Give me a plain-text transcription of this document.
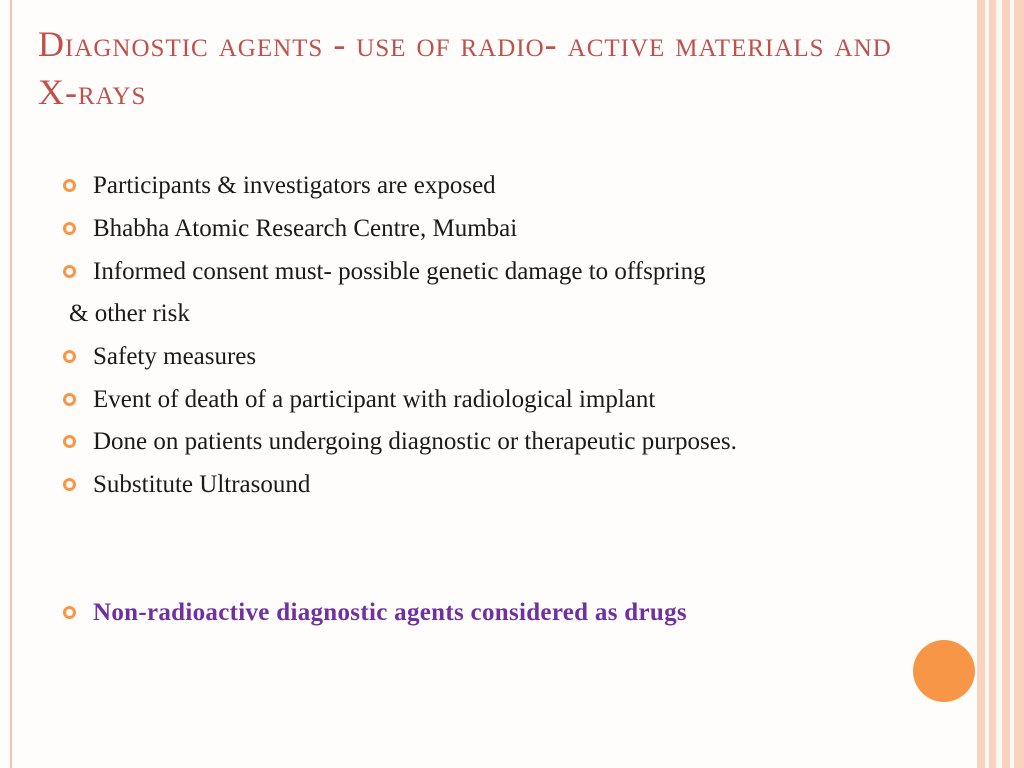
Diagnostic agents - use of radio- active materials and X-rays
Participants & investigators are exposed
Bhabha Atomic Research Centre, Mumbai
Informed consent must- possible genetic damage to offspring
& other risk
Safety measures
Event of death of a participant with radiological implant
Done on patients undergoing diagnostic or therapeutic purposes.
Substitute Ultrasound
Non-radioactive diagnostic agents considered as drugs
